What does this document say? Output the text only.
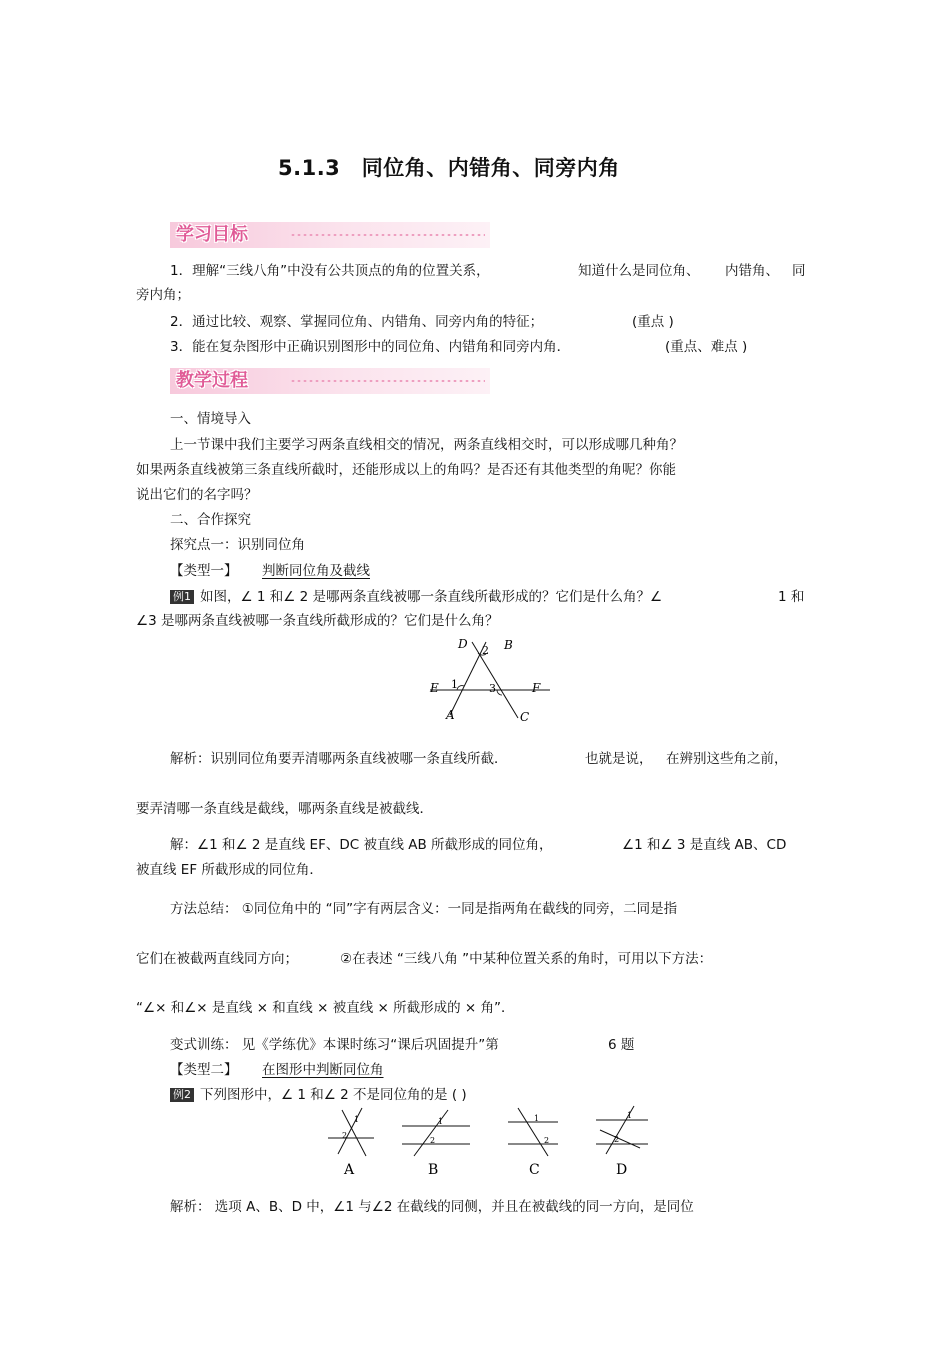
5.1.3　同位角、内错角、同旁内角
学习目标
1．理解“三线八角”中没有公共顶点的角的位置关系，	知道什么是同位角、 内错角、 同
旁内角；
2．通过比较、观察、掌握同位角、内错角、同旁内角的特征；	(重点 )
3．能在复杂图形中正确识别图形中的同位角、内错角和同旁内角．	(重点、难点 )
教学过程
一、情境导入
上一节课中我们主要学习两条直线相交的情况，两条直线相交时，可以形成哪几种角？
如果两条直线被第三条直线所截时，还能形成以上的角吗？是否还有其他类型的角呢？你能
说出它们的名字吗？
二、合作探究
探究点一：识别同位角
【类型一】 判断同位角及截线
例1 如图，∠ 1 和∠ 2 是哪两条直线被哪一条直线所截形成的？它们是什么角？∠	1 和
∠3 是哪两条直线被哪一条直线所截形成的？它们是什么角？
D	B
2
E 1	3	F
A	C
解析：识别同位角要弄清哪两条直线被哪一条直线所截．	也就是说， 在辨别这些角之前，
要弄清哪一条直线是截线，哪两条直线是被截线．
解：∠1 和∠ 2 是直线 EF、DC 被直线 AB 所截形成的同位角，	∠1 和∠ 3 是直线 AB、CD
被直线 EF 所截形成的同位角．
方法总结： ①同位角中的 “同”字有两层含义：一同是指两角在截线的同旁，二同是指
它们在被截两直线同方向；	②在表述 “三线八角 ”中某种位置关系的角时，可用以下方法：
“∠× 和∠× 是直线 × 和直线 × 被直线 × 所截形成的 × 角”．
变式训练： 见《学练优》本课时练习“课后巩固提升”第	6 题
【类型二】 在图形中判断同位角
例2 下列图形中，∠ 1 和∠ 2 不是同位角的是 ( )
1
2
1
2
1
2
1
2
A	B	C	D
解析： 选项 A、B、D 中，∠1 与∠2 在截线的同侧，并且在被截线的同一方向，是同位
